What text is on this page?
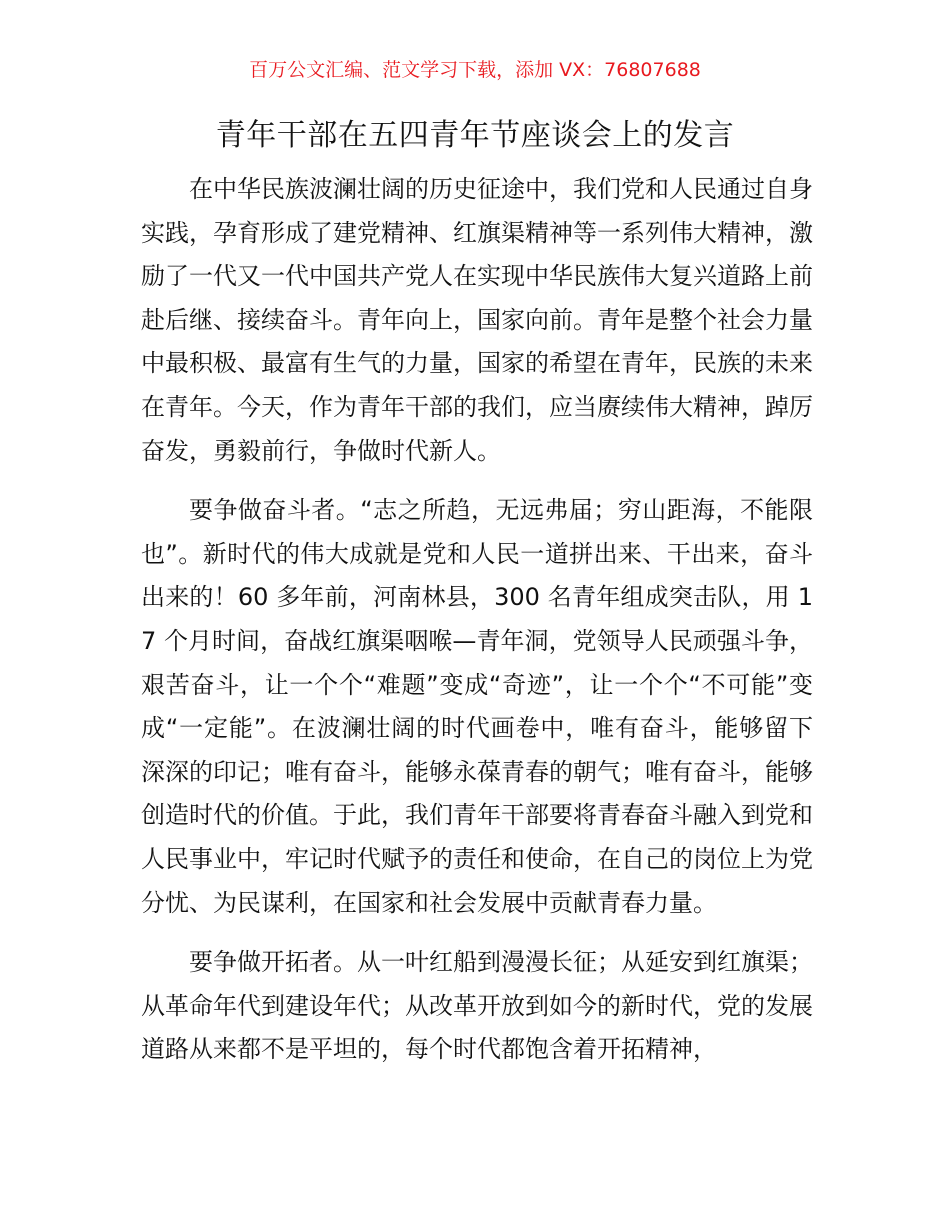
百万公文汇编、范文学习下载，添加 VX：76807688
青年干部在五四青年节座谈会上的发言

在中华民族波澜壮阔的历史征途中，我们党和人民通过自身实践，孕育形成了建党精神、红旗渠精神等一系列伟大精神，激励了一代又一代中国共产党人在实现中华民族伟大复兴道路上前赴后继、接续奋斗。青年向上，国家向前。青年是整个社会力量中最积极、最富有生气的力量，国家的希望在青年，民族的未来在青年。今天，作为青年干部的我们，应当赓续伟大精神，踔厉奋发，勇毅前行，争做时代新人。

要争做奋斗者。“志之所趋，无远弗届；穷山距海，不能限也”。新时代的伟大成就是党和人民一道拼出来、干出来，奋斗出来的！60 多年前，河南林县，300 名青年组成突击队，用 17 个月时间，奋战红旗渠咽喉—青年洞，党领导人民顽强斗争，艰苦奋斗，让一个个“难题”变成“奇迹”，让一个个“不可能”变成“一定能”。在波澜壮阔的时代画卷中，唯有奋斗，能够留下深深的印记；唯有奋斗，能够永葆青春的朝气；唯有奋斗，能够创造时代的价值。于此，我们青年干部要将青春奋斗融入到党和人民事业中，牢记时代赋予的责任和使命，在自己的岗位上为党分忧、为民谋利，在国家和社会发展中贡献青春力量。

要争做开拓者。从一叶红船到漫漫长征；从延安到红旗渠；从革命年代到建设年代；从改革开放到如今的新时代，党的发展道路从来都不是平坦的，每个时代都饱含着开拓精神，
